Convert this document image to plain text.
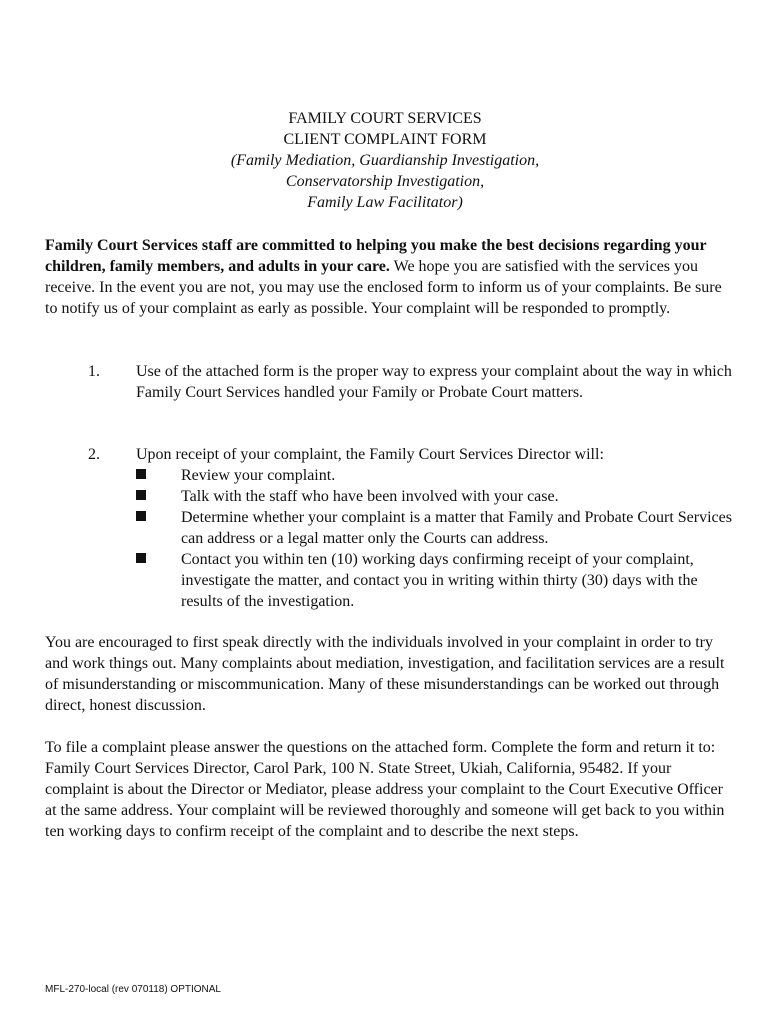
FAMILY COURT SERVICES
CLIENT COMPLAINT FORM
(Family Mediation, Guardianship Investigation,
Conservatorship Investigation,
Family Law Facilitator)

Family Court Services staff are committed to helping you make the best decisions regarding your children, family members, and adults in your care. We hope you are satisfied with the services you receive. In the event you are not, you may use the enclosed form to inform us of your complaints. Be sure to notify us of your complaint as early as possible. Your complaint will be responded to promptly.

1. Use of the attached form is the proper way to express your complaint about the way in which Family Court Services handled your Family or Probate Court matters.

2. Upon receipt of your complaint, the Family Court Services Director will:

Review your complaint.

Talk with the staff who have been involved with your case.

Determine whether your complaint is a matter that Family and Probate Court Services can address or a legal matter only the Courts can address.

Contact you within ten (10) working days confirming receipt of your complaint, investigate the matter, and contact you in writing within thirty (30) days with the results of the investigation.

You are encouraged to first speak directly with the individuals involved in your complaint in order to try and work things out. Many complaints about mediation, investigation, and facilitation services are a result of misunderstanding or miscommunication. Many of these misunderstandings can be worked out through direct, honest discussion.

To file a complaint please answer the questions on the attached form. Complete the form and return it to: Family Court Services Director, Carol Park, 100 N. State Street, Ukiah, California, 95482. If your complaint is about the Director or Mediator, please address your complaint to the Court Executive Officer at the same address. Your complaint will be reviewed thoroughly and someone will get back to you within ten working days to confirm receipt of the complaint and to describe the next steps.

MFL-270-local (rev 070118) OPTIONAL
